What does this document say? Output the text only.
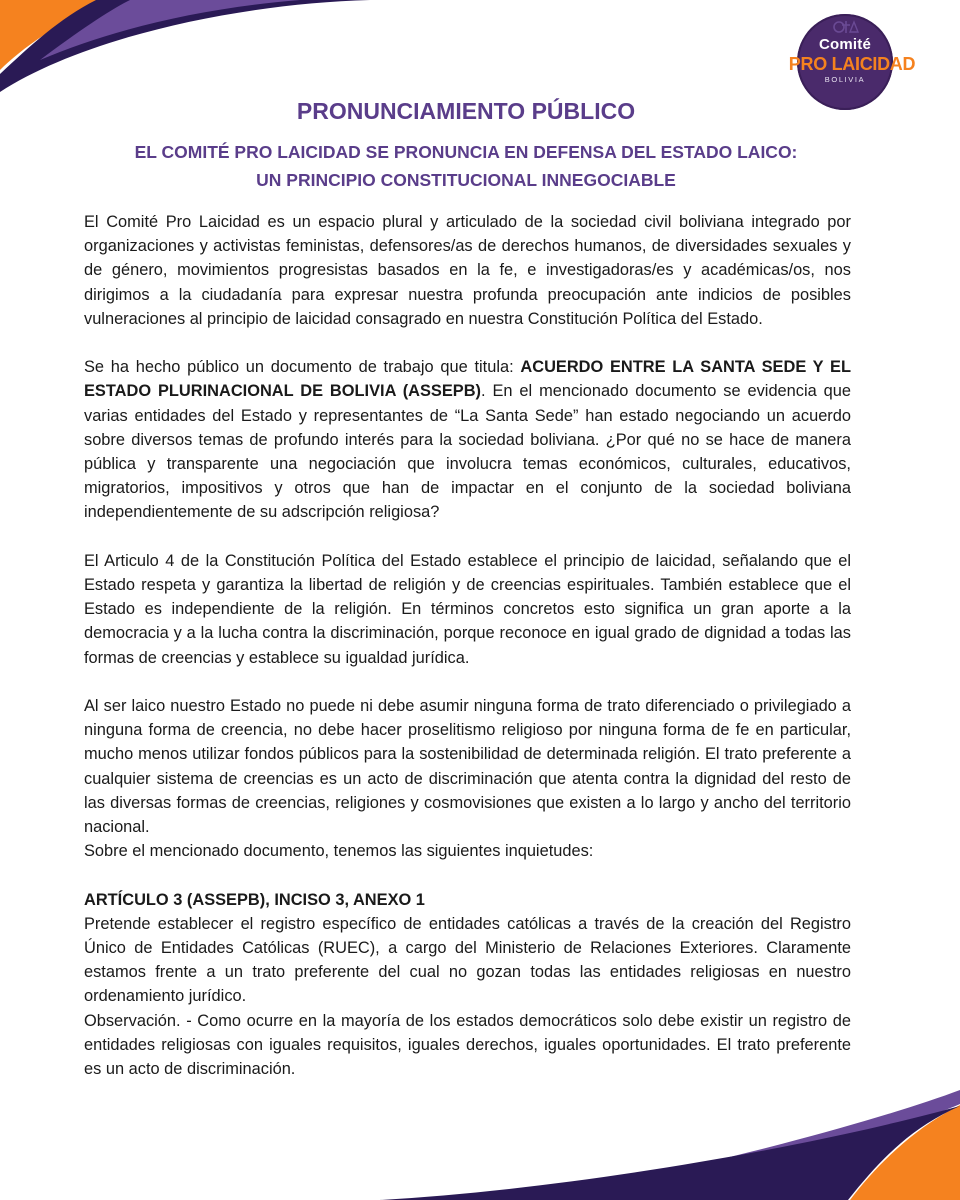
Comité
PRO LAICIDAD
BOLIVIA
PRONUNCIAMIENTO PÚBLICO
EL COMITÉ PRO LAICIDAD SE PRONUNCIA EN DEFENSA DEL ESTADO LAICO:
UN PRINCIPIO CONSTITUCIONAL INNEGOCIABLE

El Comité Pro Laicidad es un espacio plural y articulado de la sociedad civil boliviana integrado por organizaciones y activistas feministas, defensores/as de derechos humanos, de diversidades sexuales y de género, movimientos progresistas basados en la fe, e investigadoras/es y académicas/os, nos dirigimos a la ciudadanía para expresar nuestra profunda preocupación ante indicios de posibles vulneraciones al principio de laicidad consagrado en nuestra Constitución Política del Estado.

Se ha hecho público un documento de trabajo que titula: ACUERDO ENTRE LA SANTA SEDE Y EL ESTADO PLURINACIONAL DE BOLIVIA (ASSEPB). En el mencionado documento se evidencia que varias entidades del Estado y representantes de “La Santa Sede” han estado negociando un acuerdo sobre diversos temas de profundo interés para la sociedad boliviana. ¿Por qué no se hace de manera pública y transparente una negociación que involucra temas económicos, culturales, educativos, migratorios, impositivos y otros que han de impactar en el conjunto de la sociedad boliviana independientemente de su adscripción religiosa?

El Articulo 4 de la Constitución Política del Estado establece el principio de laicidad, señalando que el Estado respeta y garantiza la libertad de religión y de creencias espirituales. También establece que el Estado es independiente de la religión. En términos concretos esto significa un gran aporte a la democracia y a la lucha contra la discriminación, porque reconoce en igual grado de dignidad a todas las formas de creencias y establece su igualdad jurídica.

Al ser laico nuestro Estado no puede ni debe asumir ninguna forma de trato diferenciado o privilegiado a ninguna forma de creencia, no debe hacer proselitismo religioso por ninguna forma de fe en particular, mucho menos utilizar fondos públicos para la sostenibilidad de determinada religión. El trato preferente a cualquier sistema de creencias es un acto de discriminación que atenta contra la dignidad del resto de las diversas formas de creencias, religiones y cosmovisiones que existen a lo largo y ancho del territorio nacional.

Sobre el mencionado documento, tenemos las siguientes inquietudes:

ARTÍCULO 3 (ASSEPB), INCISO 3, ANEXO 1

Pretende establecer el registro específico de entidades católicas a través de la creación del Registro Único de Entidades Católicas (RUEC), a cargo del Ministerio de Relaciones Exteriores. Claramente estamos frente a un trato preferente del cual no gozan todas las entidades religiosas en nuestro ordenamiento jurídico.

Observación. - Como ocurre en la mayoría de los estados democráticos solo debe existir un registro de entidades religiosas con iguales requisitos, iguales derechos, iguales oportunidades. El trato preferente es un acto de discriminación.
